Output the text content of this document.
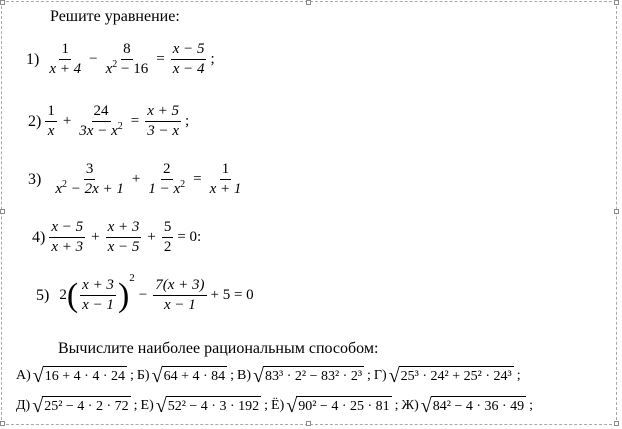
Решите уравнение:
$1) \frac{1}{x + 4} - \frac{8}{x^2 - 16} = \frac{x - 5}{x - 4}$ ;
$2) \frac{1}{x} + \frac{24}{3x - x^2} = \frac{x + 5}{3 - x}$ ;
$3) \frac{3}{x^2 - 2x + 1} + \frac{2}{1 - x^2} = \frac{1}{x + 1}$
$4) \frac{x - 5}{x + 3} + \frac{x + 3}{x - 5} + \frac{5}{2} = 0$:
5) 2 ( $\frac{x + 3}{x - 1}$ ) 2
− $\frac{7(x + 3)}{x - 1} + 5 = 0$
Вычислите наиболее рациональным способом:
А) √ 16 + 4 · 4 · 24 ; Б) √ 64 + 4 · 84 ; В) √ 83³ · 2² − 83² · 2³ ; Г) √ 25³ · 24² + 25² · 24³ ;
Д) √ 25² − 4 · 2 · 72 ; Е) √ 52² − 4 · 3 · 192 ; Ё) √ 90² − 4 · 25 · 81 ; Ж) √ 84² − 4 · 36 · 49 ;
